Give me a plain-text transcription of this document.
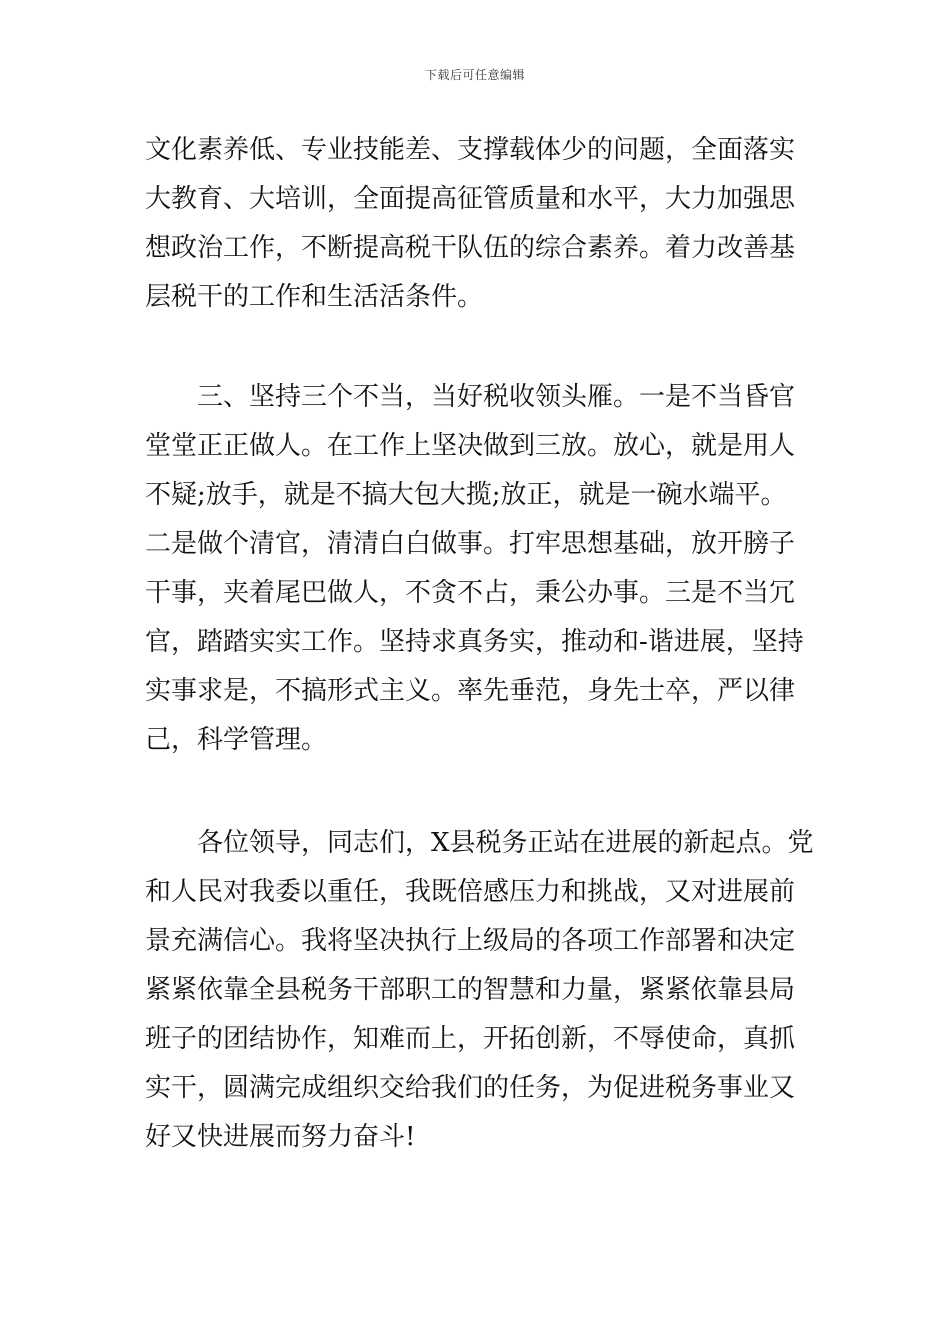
下载后可任意编辑
文化素养低、专业技能差、支撑载体少的问题，全面落实
大教育、大培训，全面提高征管质量和水平，大力加强思
想政治工作，不断提高税干队伍的综合素养。着力改善基
层税干的工作和生活活条件。
三、坚持三个不当，当好税收领头雁。一是不当昏官
堂堂正正做人。在工作上坚决做到三放。放心，就是用人
不疑;放手，就是不搞大包大揽;放正，就是一碗水端平。
二是做个清官，清清白白做事。打牢思想基础，放开膀子
干事，夹着尾巴做人，不贪不占，秉公办事。三是不当冗
官，踏踏实实工作。坚持求真务实，推动和-谐进展，坚持
实事求是，不搞形式主义。率先垂范，身先士卒，严以律
己，科学管理。
各位领导，同志们，X县税务正站在进展的新起点。党
和人民对我委以重任，我既倍感压力和挑战，又对进展前
景充满信心。我将坚决执行上级局的各项工作部署和决定
紧紧依靠全县税务干部职工的智慧和力量，紧紧依靠县局
班子的团结协作，知难而上，开拓创新，不辱使命，真抓
实干，圆满完成组织交给我们的任务，为促进税务事业又
好又快进展而努力奋斗!
